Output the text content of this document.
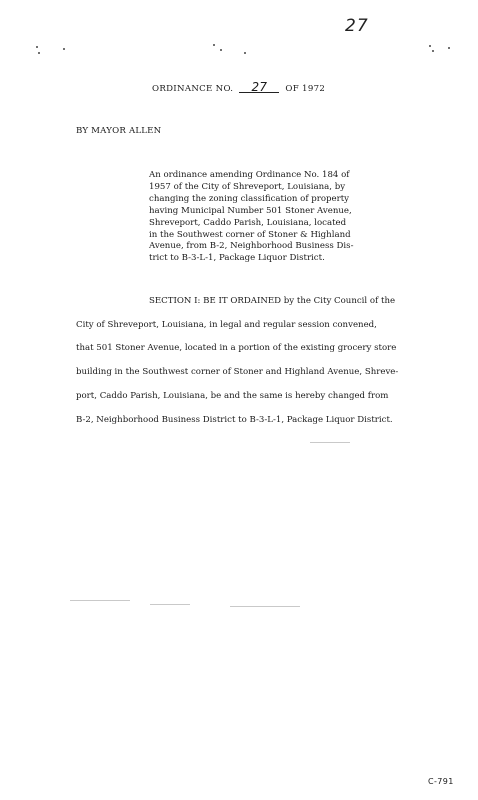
27
ORDINANCE NO. 27 OF 1972
BY MAYOR ALLEN
An ordinance amending Ordinance No. 184 of
1957 of the City of Shreveport, Louisiana, by
changing the zoning classification of property
having Municipal Number 501 Stoner Avenue,
Shreveport, Caddo Parish, Louisiana, located
in the Southwest corner of Stoner & Highland
Avenue, from B-2, Neighborhood Business Dis-
trict to B-3-L-1, Package Liquor District.
SECTION I: BE IT ORDAINED by the City Council of the
City of Shreveport, Louisiana, in legal and regular session convened,
that 501 Stoner Avenue, located in a portion of the existing grocery store
building in the Southwest corner of Stoner and Highland Avenue, Shreve-
port, Caddo Parish, Louisiana, be and the same is hereby changed from
B-2, Neighborhood Business District to B-3-L-1, Package Liquor District.
C-791
